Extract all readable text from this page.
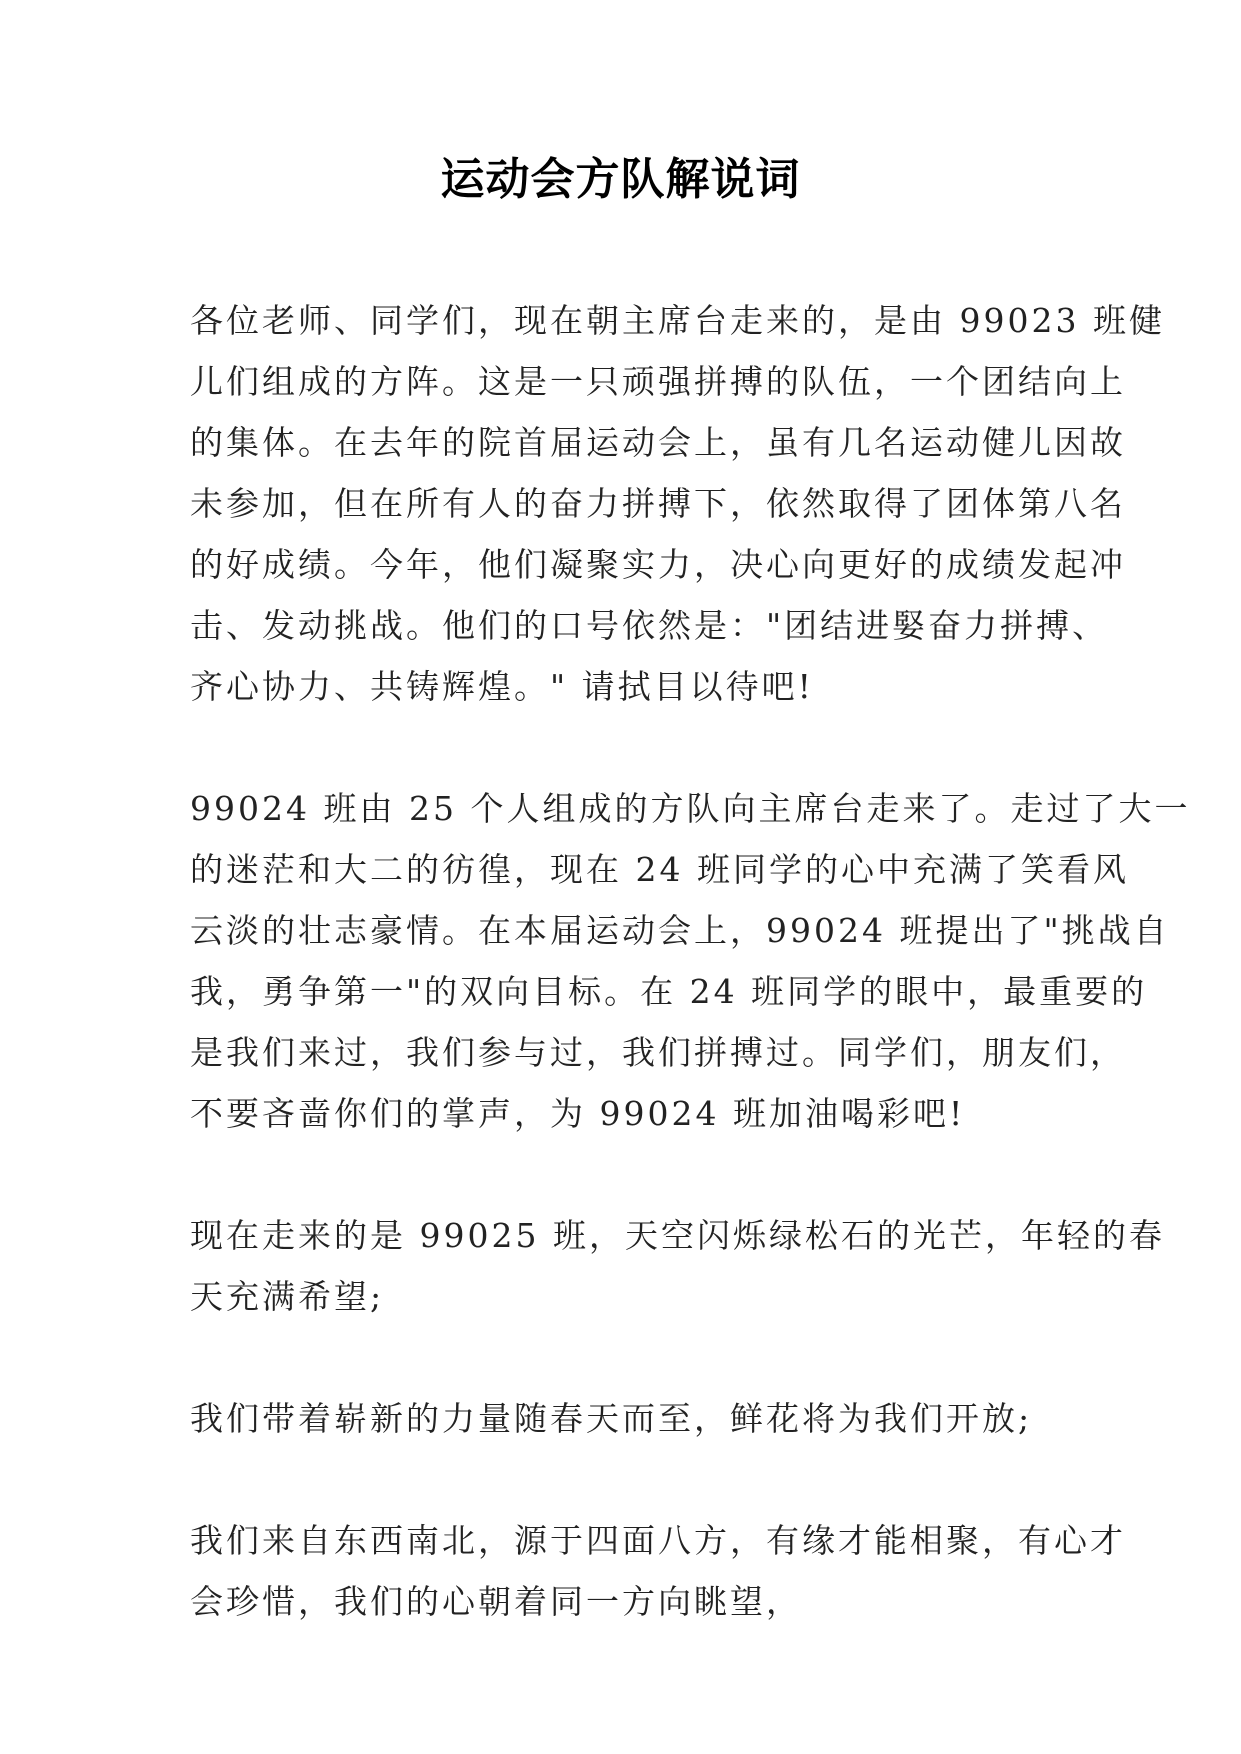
运动会方队解说词
各位老师、同学们，现在朝主席台走来的，是由 99023 班健
儿们组成的方阵。这是一只顽强拼搏的队伍，一个团结向上
的集体。在去年的院首届运动会上，虽有几名运动健儿因故
未参加，但在所有人的奋力拼搏下，依然取得了团体第八名
的好成绩。今年，他们凝聚实力，决心向更好的成绩发起冲
击、发动挑战。他们的口号依然是："团结进婜奋力拼搏、
齐心协力、共铸辉煌。" 请拭目以待吧!
99024 班由 25 个人组成的方队向主席台走来了。走过了大一
的迷茫和大二的彷徨，现在 24 班同学的心中充满了笑看风
云淡的壮志豪情。在本届运动会上，99024 班提出了"挑战自
我，勇争第一"的双向目标。在 24 班同学的眼中，最重要的
是我们来过，我们参与过，我们拼搏过。同学们，朋友们，
不要吝啬你们的掌声，为 99024 班加油喝彩吧!
现在走来的是 99025 班，天空闪烁绿松石的光芒，年轻的春
天充满希望;
我们带着崭新的力量随春天而至，鲜花将为我们开放;
我们来自东西南北，源于四面八方，有缘才能相聚，有心才
会珍惜，我们的心朝着同一方向眺望，
